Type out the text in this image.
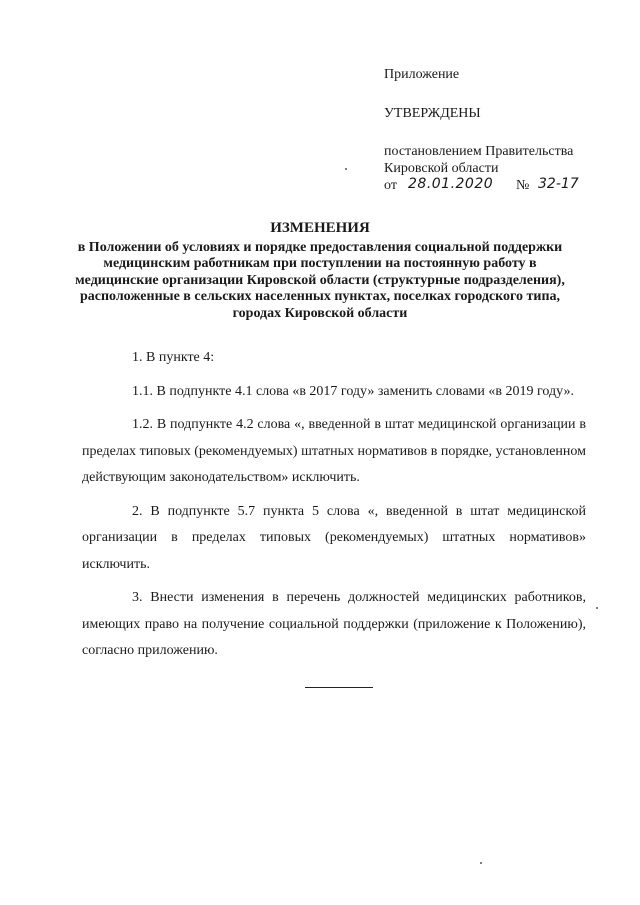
Приложение
УТВЕРЖДЕНЫ
постановлением Правительства
Кировской области
от 28.01.2020 № 32-17
ИЗМЕНЕНИЯ
в Положении об условиях и порядке предоставления социальной поддержки медицинским работникам при поступлении на постоянную работу в медицинские организации Кировской области (структурные подразделения), расположенные в сельских населенных пунктах, поселках городского типа, городах Кировской области

1. В пункте 4:

1.1. В подпункте 4.1 слова «в 2017 году» заменить словами «в 2019 году».

1.2. В подпункте 4.2 слова «, введенной в штат медицинской организации в пределах типовых (рекомендуемых) штатных нормативов в порядке, установленном действующим законодательством» исключить.

2. В подпункте 5.7 пункта 5 слова «, введенной в штат медицинской организации в пределах типовых (рекомендуемых) штатных нормативов» исключить.

3. Внести изменения в перечень должностей медицинских работников, имеющих право на получение социальной поддержки (приложение к Положению), согласно приложению.
